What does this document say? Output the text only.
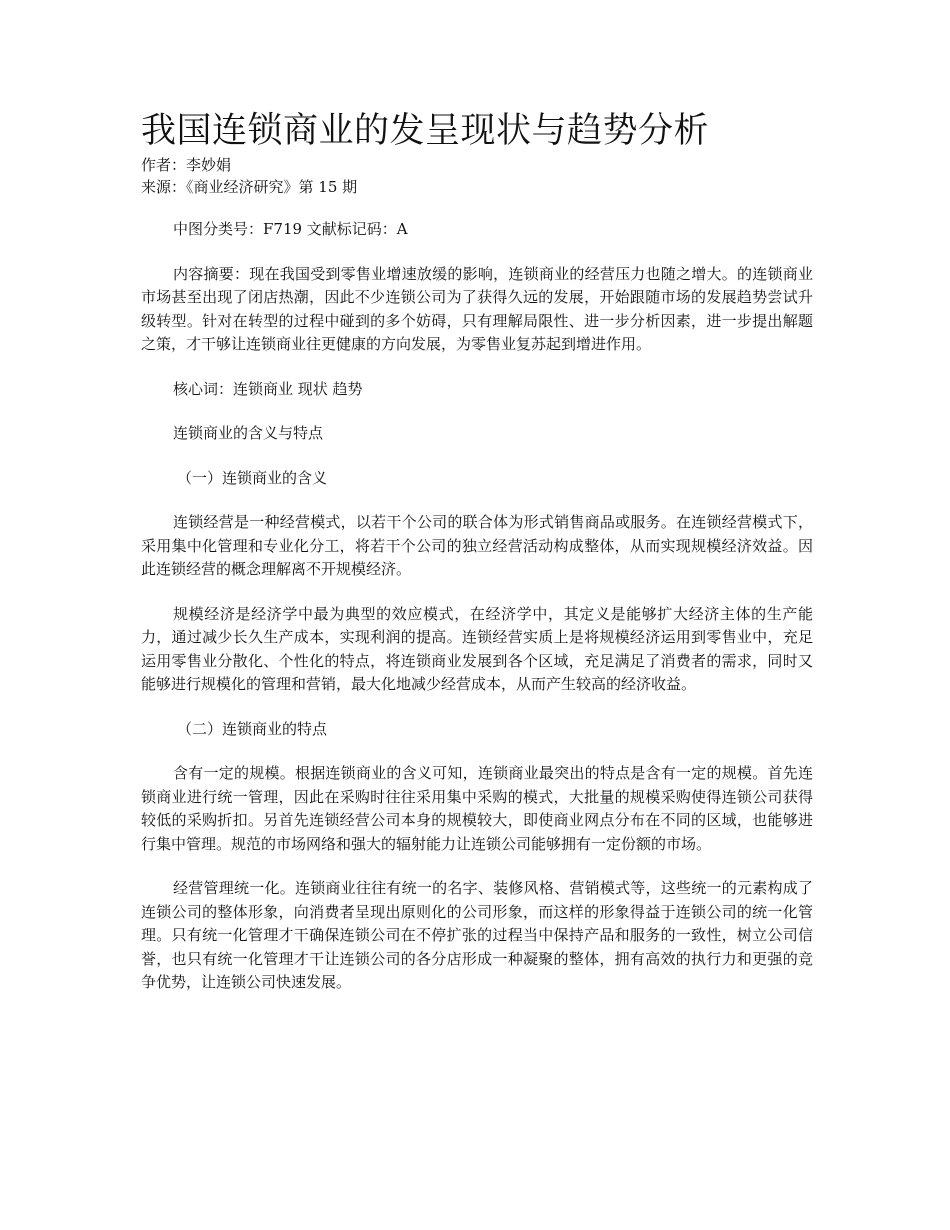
我国连锁商业的发呈现状与趋势分析

作者：李妙娟

来源：《商业经济研究》第 15 期

中图分类号：F719 文献标记码：A

内容摘要：现在我国受到零售业增速放缓的影响，连锁商业的经营压力也随之增大。的连锁商业市场甚至出现了闭店热潮，因此不少连锁公司为了获得久远的发展，开始跟随市场的发展趋势尝试升级转型。针对在转型的过程中碰到的多个妨碍，只有理解局限性、进一步分析因素，进一步提出解题之策，才干够让连锁商业往更健康的方向发展，为零售业复苏起到增进作用。

核心词：连锁商业 现状 趋势

连锁商业的含义与特点

（一）连锁商业的含义

连锁经营是一种经营模式，以若干个公司的联合体为形式销售商品或服务。在连锁经营模式下，采用集中化管理和专业化分工，将若干个公司的独立经营活动构成整体，从而实现规模经济效益。因此连锁经营的概念理解离不开规模经济。

规模经济是经济学中最为典型的效应模式，在经济学中，其定义是能够扩大经济主体的生产能力，通过减少长久生产成本，实现利润的提高。连锁经营实质上是将规模经济运用到零售业中，充足运用零售业分散化、个性化的特点，将连锁商业发展到各个区域，充足满足了消费者的需求，同时又能够进行规模化的管理和营销，最大化地减少经营成本，从而产生较高的经济收益。

（二）连锁商业的特点

含有一定的规模。根据连锁商业的含义可知，连锁商业最突出的特点是含有一定的规模。首先连锁商业进行统一管理，因此在采购时往往采用集中采购的模式，大批量的规模采购使得连锁公司获得较低的采购折扣。另首先连锁经营公司本身的规模较大，即使商业网点分布在不同的区域，也能够进行集中管理。规范的市场网络和强大的辐射能力让连锁公司能够拥有一定份额的市场。

经营管理统一化。连锁商业往往有统一的名字、装修风格、营销模式等，这些统一的元素构成了连锁公司的整体形象，向消费者呈现出原则化的公司形象，而这样的形象得益于连锁公司的统一化管理。只有统一化管理才干确保连锁公司在不停扩张的过程当中保持产品和服务的一致性，树立公司信誉，也只有统一化管理才干让连锁公司的各分店形成一种凝聚的整体，拥有高效的执行力和更强的竞争优势，让连锁公司快速发展。
